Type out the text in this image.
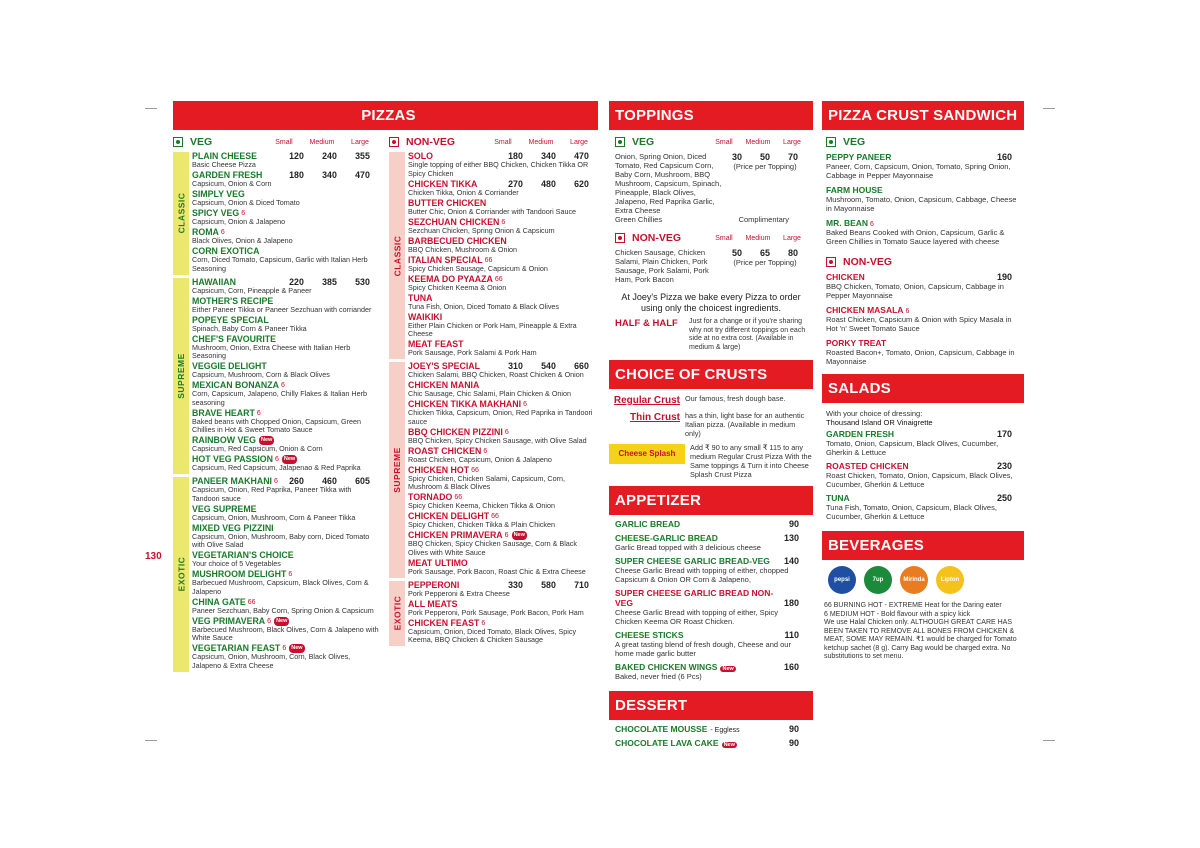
130
PIZZAS
VEG	Small	Medium	Large
CLASSIC
PLAIN CHEESE	120	240	355
Basic Cheese Pizza
GARDEN FRESH	180	340	470
Capsicum, Onion & Corn
SIMPLY VEG
Capsicum, Onion & Diced Tomato
SPICY VEG 6
Capsicum, Onion & Jalapeno
ROMA 6
Black Olives, Onion & Jalapeno
CORN EXOTICA
Corn, Diced Tomato, Capsicum, Garlic with Italian Herb Seasoning
SUPREME
HAWAIIAN	220	385	530
Capsicum, Corn, Pineapple & Paneer
MOTHER'S RECIPE
Either Paneer Tikka or Paneer Sezchuan with corriander
POPEYE SPECIAL
Spinach, Baby Corn & Paneer Tikka
CHEF'S FAVOURITE
Mushroom, Onion, Extra Cheese with Italian Herb Seasoning
VEGGIE DELIGHT
Capsicum, Mushroom, Corn & Black Olives
MEXICAN BONANZA 6
Corn, Capsicum, Jalapeno, Chilly Flakes & Italian Herb seasoning
BRAVE HEART 6
Baked beans with Chopped Onion, Capsicum, Green Chillies in Hot & Sweet Tomato Sauce
RAINBOW VEG New
Capsicum, Red Capsicum, Onion & Corn
HOT VEG PASSION 6 New
Capsicum, Red Capsicum, Jalapenao & Red Paprika
EXOTIC
PANEER MAKHANI 6	260	460	605
Capsicum, Onion, Red Paprika, Paneer Tikka with Tandoori sauce
VEG SUPREME
Capsicum, Onion, Mushroom, Corn & Paneer Tikka
MIXED VEG PIZZINI
Capsicum, Onion, Mushroom, Baby corn, Diced Tomato with Olive Salad
VEGETARIAN'S CHOICE
Your choice of 5 Vegetables
MUSHROOM DELIGHT 6
Barbecued Mushroom, Capsicum, Black Olives, Corn & Jalapeno
CHINA GATE 66
Paneer Sezchuan, Baby Corn, Spring Onion & Capsicum
VEG PRIMAVERA 6 New
Barbecued Mushroom, Black Olives, Corn & Jalapeno with White Sauce
VEGETARIAN FEAST 6 New
Capsicum, Onion, Mushroom, Corn, Black Olives, Jalapeno & Extra Cheese
NON-VEG	Small	Medium	Large
CLASSIC
SOLO	180	340	470
Single topping of either BBQ Chicken, Chicken Tikka OR Spicy Chicken
CHICKEN TIKKA	270	480	620
Chicken Tikka, Onion & Corriander
BUTTER CHICKEN
Butter Chic, Onion & Corriander with Tandoori Sauce
SEZCHUAN CHICKEN 6
Sezchuan Chicken, Spring Onion & Capsicum
BARBECUED CHICKEN
BBQ Chicken, Mushroom & Onion
ITALIAN SPECIAL 66
Spicy Chicken Sausage, Capsicum & Onion
KEEMA DO PYAAZA 66
Spicy Chicken Keema & Onion
TUNA
Tuna Fish, Onion, Diced Tomato & Black Olives
WAIKIKI
Either Plain Chicken or Pork Ham, Pineapple & Extra Cheese
MEAT FEAST
Pork Sausage, Pork Salami & Pork Ham
SUPREME
JOEY'S SPECIAL	310	540	660
Chicken Salami, BBQ Chicken, Roast Chicken & Onion
CHICKEN MANIA
Chic Sausage, Chic Salami, Plain Chicken & Onion
CHICKEN TIKKA MAKHANI 6
Chicken Tikka, Capsicum, Onion, Red Paprika in Tandoori sauce
BBQ CHICKEN PIZZINI 6
BBQ Chicken, Spicy Chicken Sausage, with Olive Salad
ROAST CHICKEN 6
Roast Chicken, Capsicum, Onion & Jalapeno
CHICKEN HOT 66
Spicy Chicken, Chicken Salami, Capsicum, Corn, Mushroom & Black Olives
TORNADO 66
Spicy Chicken Keema, Chicken Tikka & Onion
CHICKEN DELIGHT 66
Spicy Chicken, Chicken Tikka & Plain Chicken
CHICKEN PRIMAVERA 6 New
BBQ Chicken, Spicy Chicken Sausage, Corn & Black Olives with White Sauce
MEAT ULTIMO
Pork Sausage, Pork Bacon, Roast Chic & Extra Cheese
EXOTIC
PEPPERONI	330	580	710
Pork Pepperoni & Extra Cheese
ALL MEATS
Pork Pepperoni, Pork Sausage, Pork Bacon, Pork Ham
CHICKEN FEAST 6
Capsicum, Onion, Diced Tomato, Black Olives, Spicy Keema, BBQ Chicken & Chicken Sausage
TOPPINGS
VEG	Small	Medium	Large
Onion, Spring Onion, Diced Tomato, Red Capsicum Corn, Baby Corn, Mushroom, BBQ Mushroom, Capsicum, Spinach, Pineapple, Black Olives, Jalapeno, Red Paprika Garlic, Extra Cheese
30	50	70
(Price per Topping)
Green Chillies	Complimentary
NON-VEG	Small	Medium	Large
Chicken Sausage, Chicken Salami, Plain Chicken, Pork Sausage, Pork Salami, Pork Ham, Pork Bacon
50	65	80
(Price per Topping)
At Joey's Pizza we bake every Pizza to order using only the choicest ingredients.
HALF & HALF	Just for a change or if you're sharing why not try different toppings on each side at no extra cost. (Available in medium & large)
CHOICE OF CRUSTS
Regular Crust Our famous, fresh dough base.
Thin Crust has a thin, light base for an authentic Italian pizza. (Available in medium only)
Cheese Splash
Add ₹ 90 to any small ₹ 115 to any medium Regular Crust Pizza With the Same toppings & Turn it into Cheese Splash Crust Pizza
APPETIZER
GARLIC BREAD	90
CHEESE-GARLIC BREAD	130
Garlic Bread topped with 3 delicious cheese
SUPER CHEESE GARLIC BREAD-VEG 140
Cheese Garlic Bread with topping of either, chopped Capsicum & Onion OR Corn & Jalapeno,
SUPER CHEESE GARLIC BREAD NON-VEG	180
Cheese Garlic Bread with topping of either, Spicy Chicken Keema OR Roast Chicken.
CHEESE STICKS	110
A great tasting blend of fresh dough, Cheese and our home made garlic butter
BAKED CHICKEN WINGS New	160
Baked, never fried (6 Pcs)
DESSERT
CHOCOLATE MOUSSE - Eggless	90
CHOCOLATE LAVA CAKE New	90
PIZZA CRUST SANDWICH
VEG
PEPPY PANEER	160
Paneer, Corn, Capsicum, Onion, Tomato, Spring Onion, Cabbage in Pepper Mayonnaise
FARM HOUSE
Mushroom, Tomato, Onion, Capsicum, Cabbage, Cheese in Mayonnaise
MR. BEAN 6
Baked Beans Cooked with Onion, Capsicum, Garlic & Green Chillies in Tomato Sauce layered with cheese
NON-VEG
CHICKEN	190
BBQ Chicken, Tomato, Onion, Capsicum, Cabbage in Pepper Mayonnaise
CHICKEN MASALA 6
Roast Chicken, Capsicum & Onion with Spicy Masala in Hot 'n' Sweet Tomato Sauce
PORKY TREAT
Roasted Bacon+, Tomato, Onion, Capsicum, Cabbage in Mayonnaise
SALADS
With your choice of dressing:
Thousand Island OR Vinaigrette
GARDEN FRESH	170
Tomato, Onion, Capsicum, Black Olives, Cucumber, Gherkin & Lettuce
ROASTED CHICKEN	230
Roast Chicken, Tomato, Onion, Capsicum, Black Olives, Cucumber, Gherkin & Lettuce
TUNA	250
Tuna Fish, Tomato, Onion, Capsicum, Black Olives, Cucumber, Gherkin & Lettuce
BEVERAGES
pepsi	7up	Mirinda	Lipton
66 BURNING HOT - EXTREME Heat for the Daring eater
6 MEDIUM HOT - Bold flavour with a spicy kick
We use Halal Chicken only. ALTHOUGH GREAT CARE HAS BEEN TAKEN TO REMOVE ALL BONES FROM CHICKEN & MEAT, SOME MAY REMAIN. ₹1 would be charged for Tomato ketchup sachet (8 g). Carry Bag would be charged extra. No substitutions to set menu.
